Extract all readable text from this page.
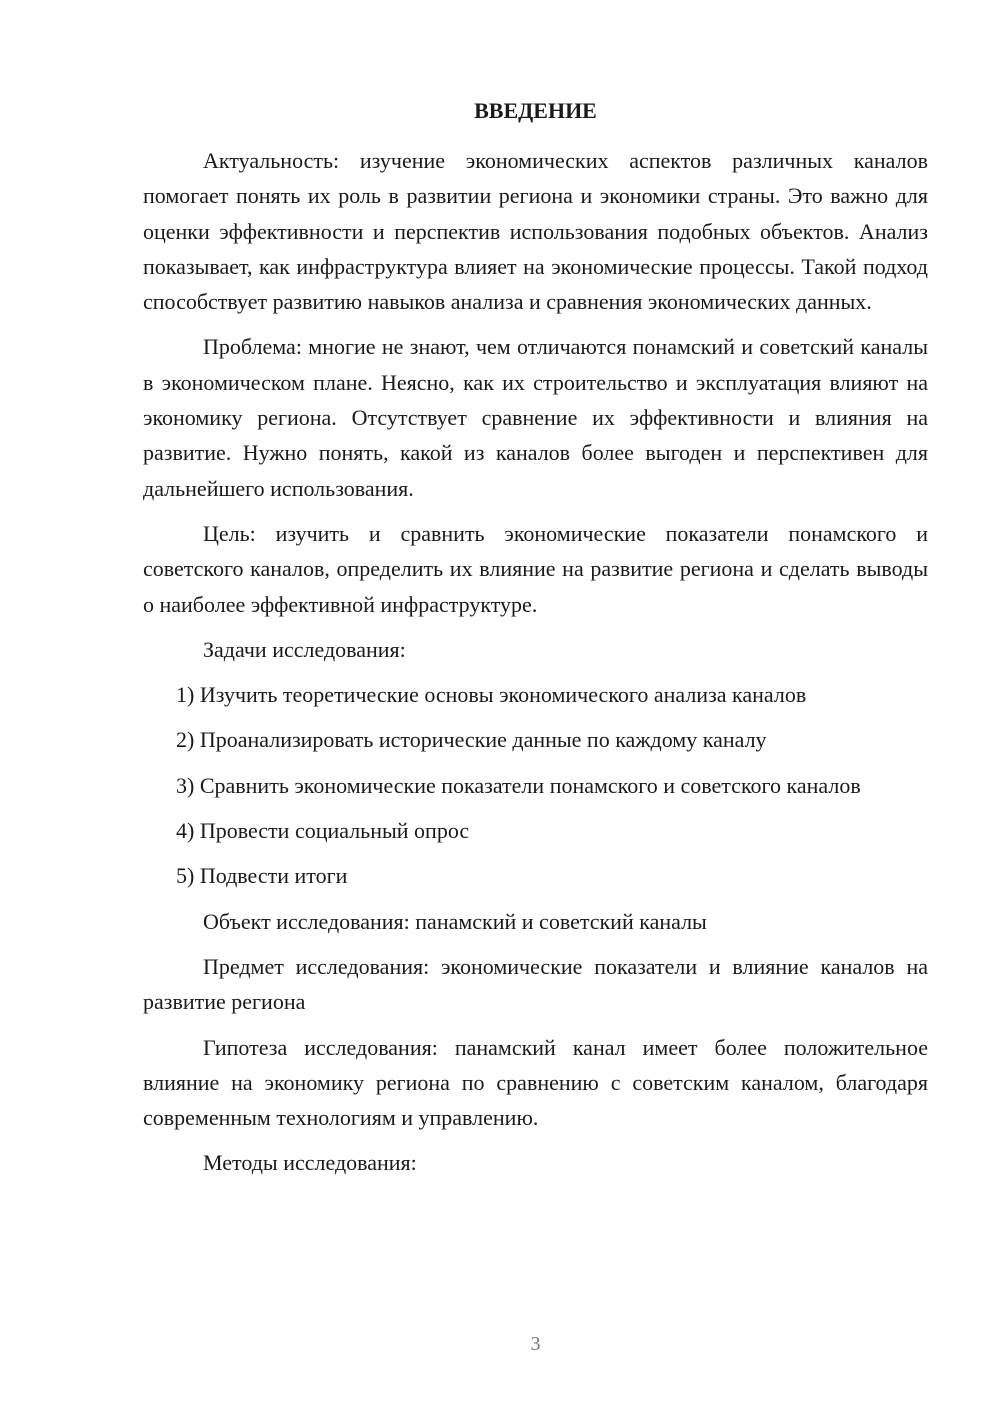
ВВЕДЕНИЕ

Актуальность: изучение экономических аспектов различных каналов помогает понять их роль в развитии региона и экономики страны. Это важно для оценки эффективности и перспектив использования подобных объектов. Анализ показывает, как инфраструктура влияет на экономические процессы. Такой подход способствует развитию навыков анализа и сравнения экономических данных.

Проблема: многие не знают, чем отличаются понамский и советский каналы в экономическом плане. Неясно, как их строительство и эксплуатация влияют на экономику региона. Отсутствует сравнение их эффективности и влияния на развитие. Нужно понять, какой из каналов более выгоден и перспективен для дальнейшего использования.

Цель: изучить и сравнить экономические показатели понамского и советского каналов, определить их влияние на развитие региона и сделать выводы о наиболее эффективной инфраструктуре.

Задачи исследования:

1) Изучить теоретические основы экономического анализа каналов

2) Проанализировать исторические данные по каждому каналу

3) Сравнить экономические показатели понамского и советского каналов

4) Провести социальный опрос

5) Подвести итоги

Объект исследования: панамский и советский каналы

Предмет исследования: экономические показатели и влияние каналов на развитие региона

Гипотеза исследования: панамский канал имеет более положительное влияние на экономику региона по сравнению с советским каналом, благодаря современным технологиям и управлению.

Методы исследования:

3
